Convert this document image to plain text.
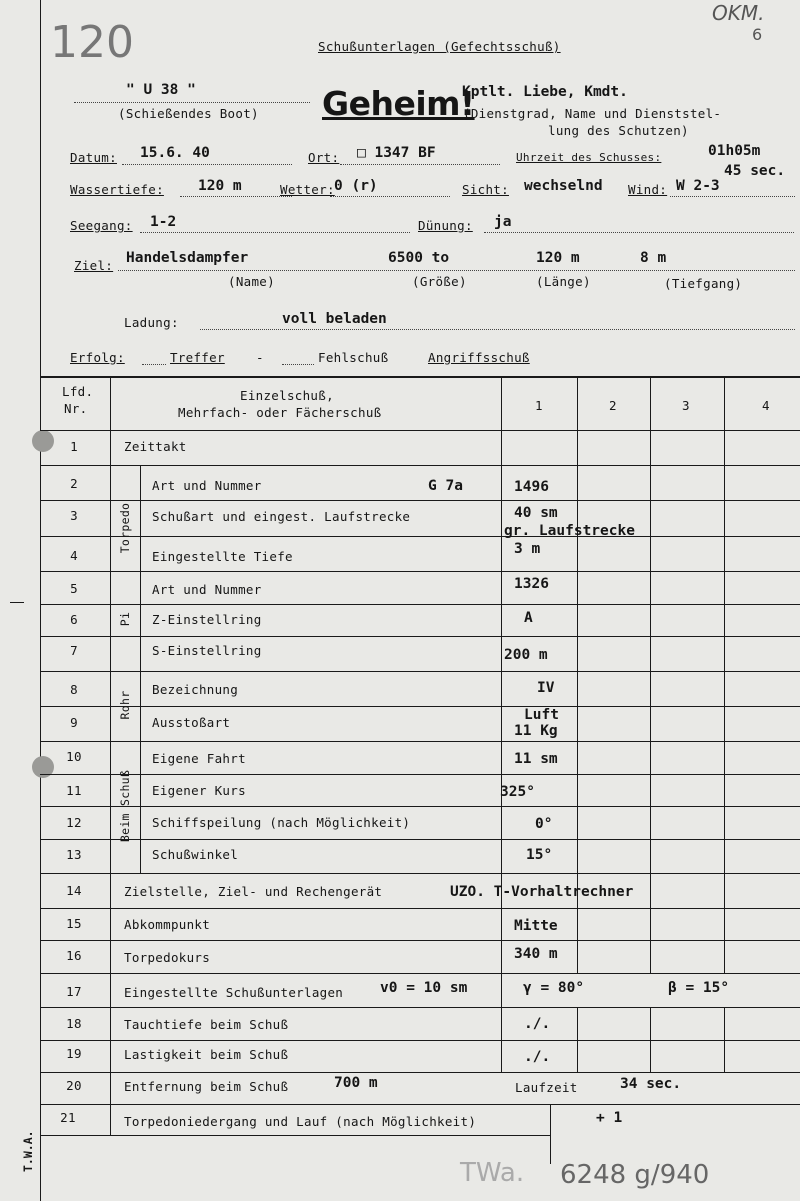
T.W.A.
120
OKM.
6
Schußunterlagen (Gefechtsschuß)
Geheim!
" U 38 "
(Schießendes Boot)
Kptlt. Liebe, Kmdt.
(Dienstgrad, Name und Dienststel-
lung des Schutzen)
Datum: 15.6. 40	Ort: □ 1347 BF	Uhrzeit des Schusses:	01h05m
45 sec.
Wassertiefe: 120 m	Wetter: 0 (r)	Sicht: wechselnd Wind: W 2-3
Seegang: 1-2	Dünung: ja
Ziel: Handelsdampfer	6500 to	120 m	8 m
(Name)	(Größe)	(Länge)	(Tiefgang)
Ladung:	voll beladen
Erfolg:	Treffer -	Fehlschuß	Angriffsschuß
Lfd.
Nr.
Einzelschuß,
Mehrfach- oder Fächerschuß	1	2	3	4
Torpedo
Pi
Rohr
Beim Schuß
1	Zeittakt
2	Art und Nummer	G 7a	1496
3	Schußart und eingest. Laufstrecke	40 sm
gr. Laufstrecke
4	Eingestellte Tiefe	3 m
5	Art und Nummer	1326
6	Z-Einstellring	A
7	S-Einstellring	200 m
8	Bezeichnung	IV
9	Ausstoßart	Luft
11 Kg
10	Eigene Fahrt	11 sm
11	Eigener Kurs	325°
12	Schiffspeilung (nach Möglichkeit)	0°
13	Schußwinkel	15°
14	Zielstelle, Ziel- und Rechengerät	UZO. T-Vorhaltrechner
15	Abkommpunkt	Mitte
16	Torpedokurs	340 m
17	Eingestellte Schußunterlagen	v0 = 10 sm	γ = 80°	β = 15°
18	Tauchtiefe beim Schuß	./.
19	Lastigkeit beim Schuß	./.
20	Entfernung beim Schuß	700 m	Laufzeit	34 sec.
21	Torpedoniedergang und Lauf (nach Möglichkeit)	+ 1
TWa. 6248 g/940
